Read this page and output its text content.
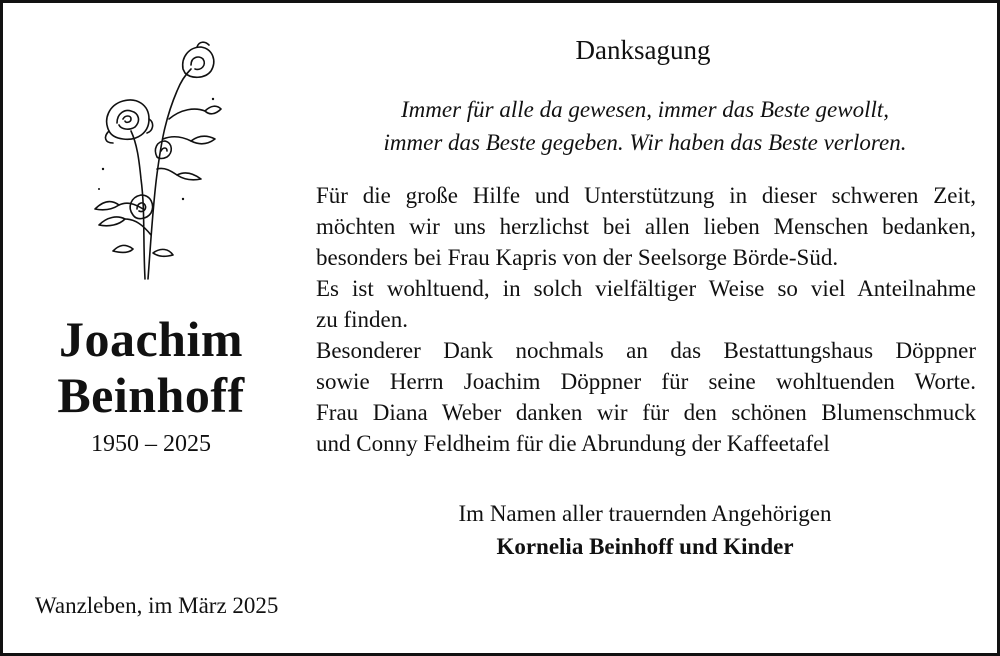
Joachim
Beinhoff
1950 – 2025
Wanzleben, im März 2025
Danksagung
Immer für alle da gewesen, immer das Beste gewollt,
immer das Beste gegeben. Wir haben das Beste verloren.
Für die große Hilfe und Unterstützung in dieser schweren Zeit,
möchten wir uns herzlichst bei allen lieben Menschen bedanken,
besonders bei Frau Kapris von der Seelsorge Börde-Süd.
Es ist wohltuend, in solch vielfältiger Weise so viel Anteilnahme
zu finden.
Besonderer Dank nochmals an das Bestattungshaus Döppner
sowie Herrn Joachim Döppner für seine wohltuenden Worte.
Frau Diana Weber danken wir für den schönen Blumenschmuck
und Conny Feldheim für die Abrundung der Kaffeetafel
Im Namen aller trauernden Angehörigen
Kornelia Beinhoff und Kinder
